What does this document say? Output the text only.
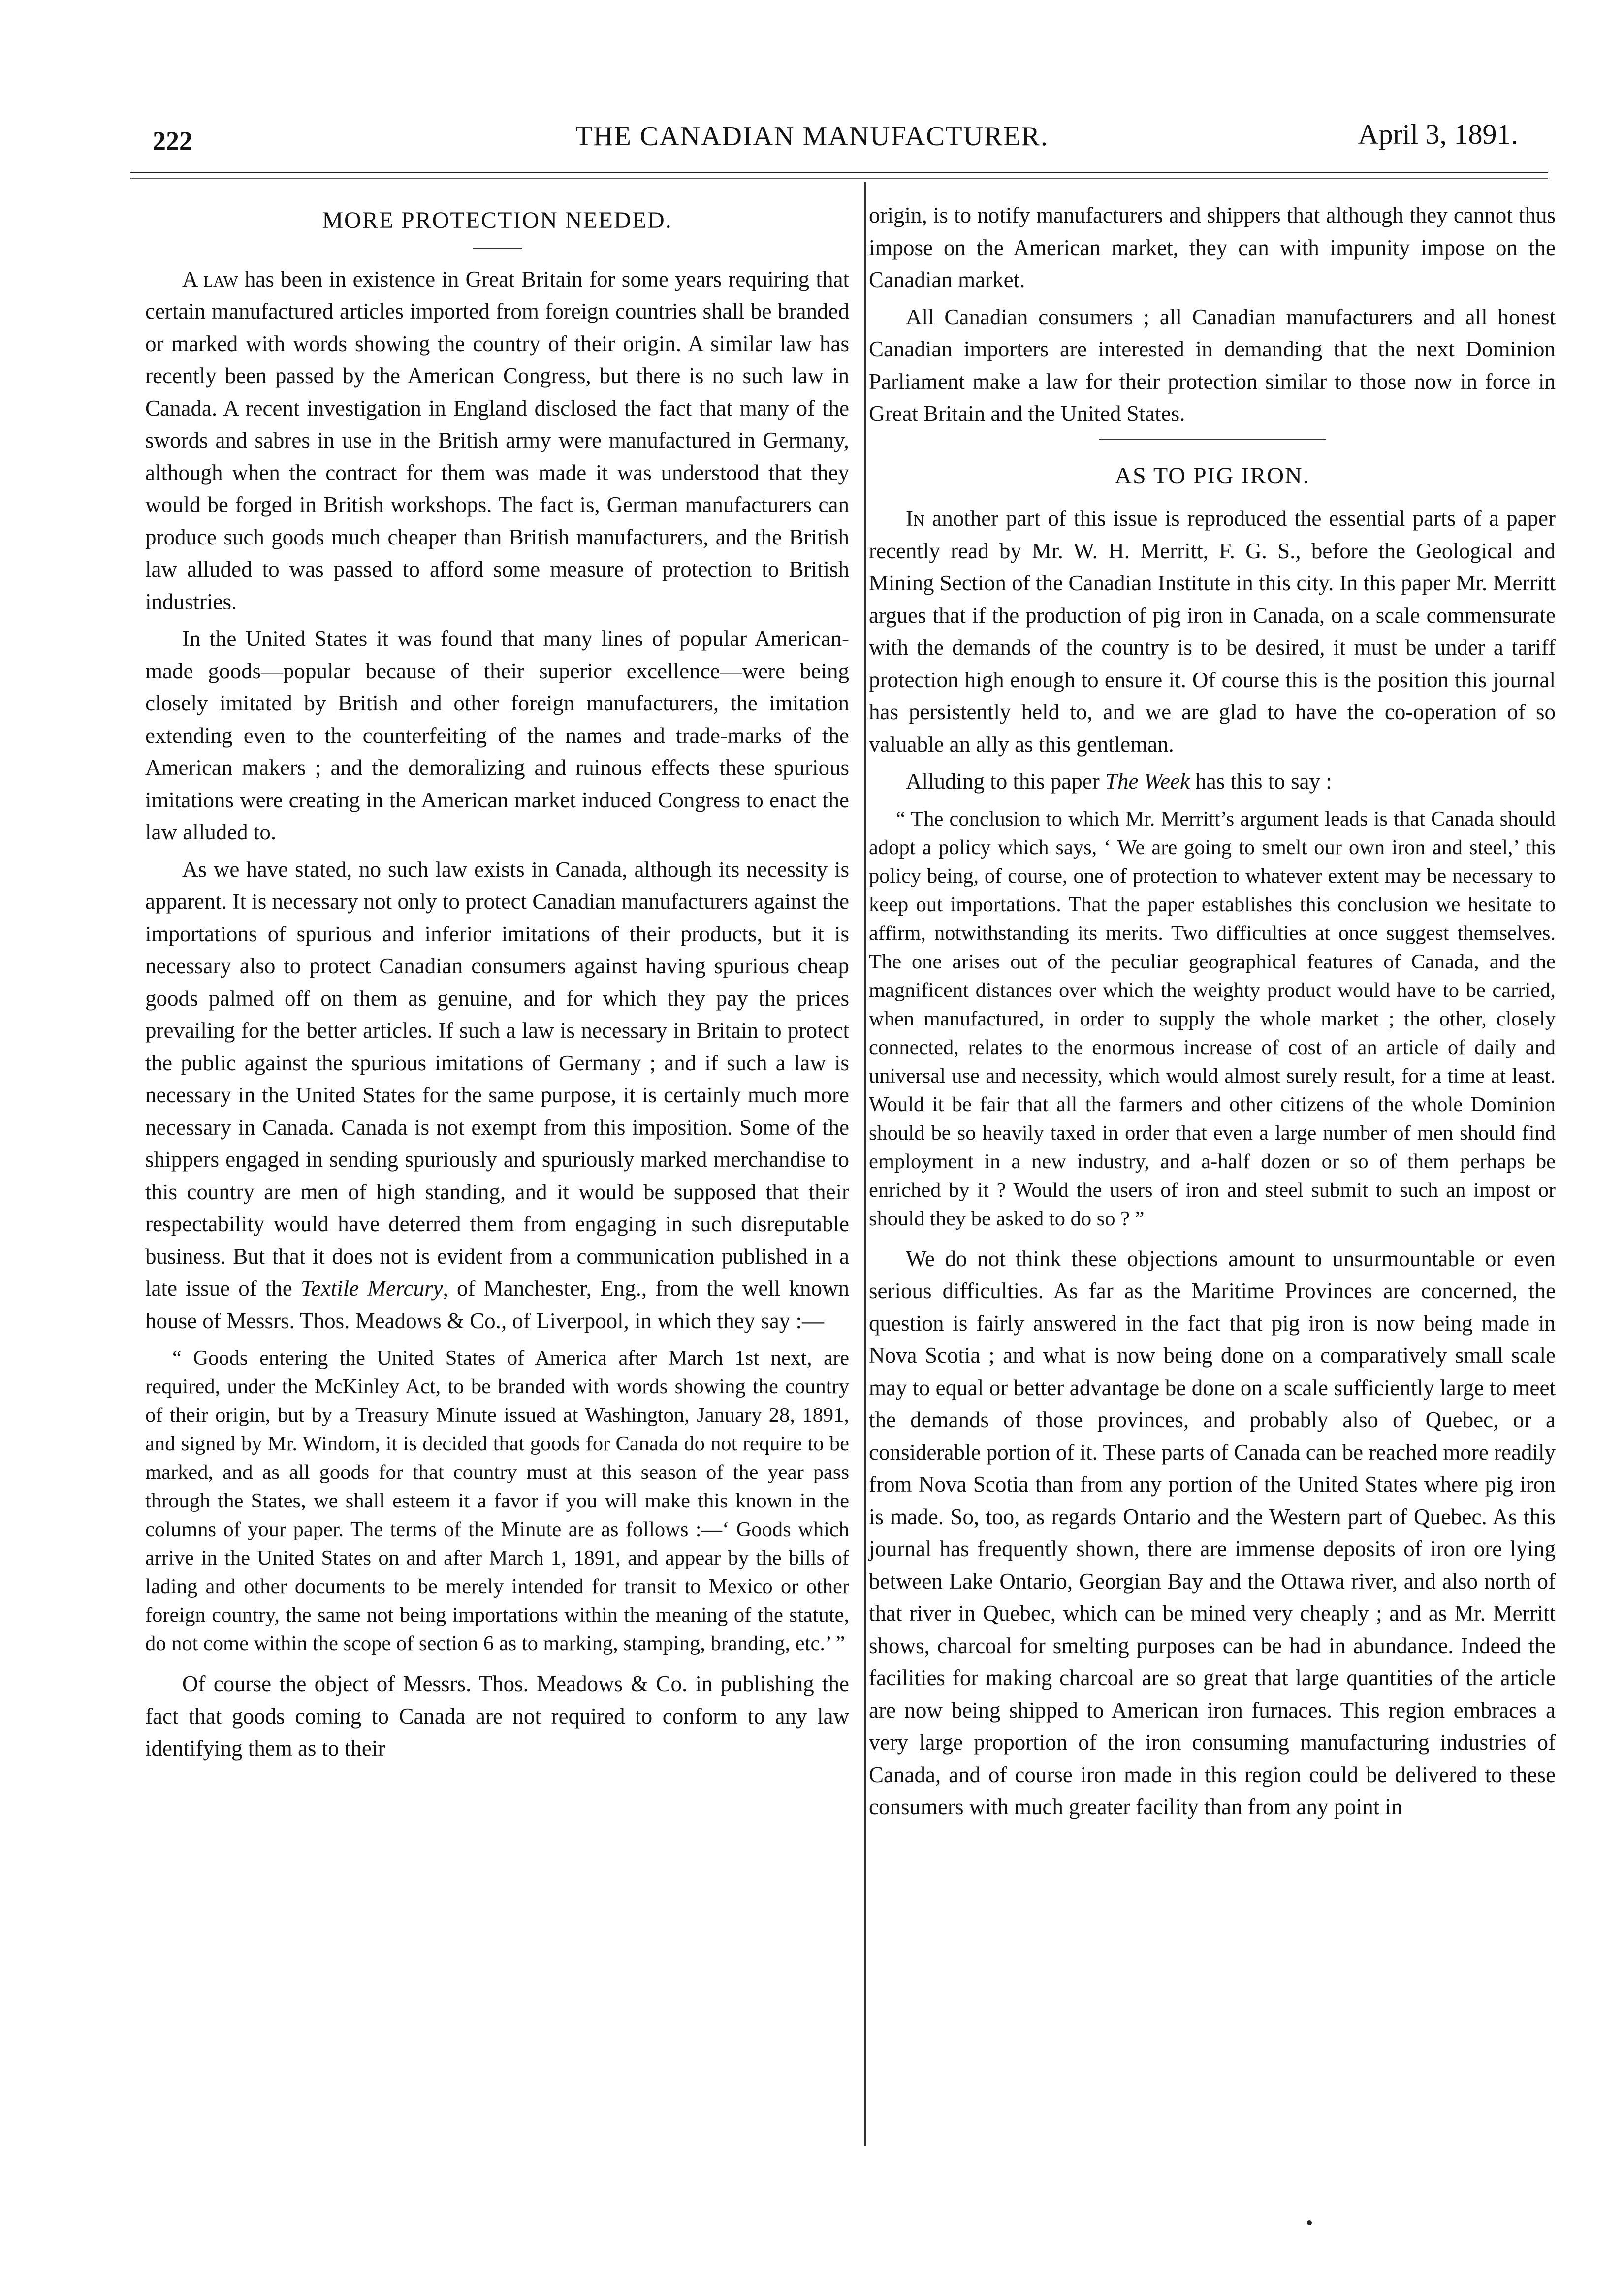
222	THE CANADIAN MANUFACTURER.	April 3, 1891.
MORE PROTECTION NEEDED.

A law has been in existence in Great Britain for some years requiring that certain manufactured articles imported from foreign countries shall be branded or marked with words showing the country of their origin. A similar law has recently been passed by the American Congress, but there is no such law in Canada. A recent investigation in England disclosed the fact that many of the swords and sabres in use in the British army were manufactured in Germany, although when the contract for them was made it was understood that they would be forged in British workshops. The fact is, German manufacturers can produce such goods much cheaper than British manufacturers, and the British law alluded to was passed to afford some measure of protection to British industries.

In the United States it was found that many lines of popular American-made goods—popular because of their superior excellence—were being closely imitated by British and other foreign manufacturers, the imitation extending even to the counterfeiting of the names and trade-marks of the American makers ; and the demoralizing and ruinous effects these spurious imitations were creating in the American market induced Congress to enact the law alluded to.

As we have stated, no such law exists in Canada, although its necessity is apparent. It is necessary not only to protect Canadian manufacturers against the importations of spurious and inferior imitations of their products, but it is necessary also to protect Canadian consumers against having spurious cheap goods palmed off on them as genuine, and for which they pay the prices prevailing for the better articles. If such a law is necessary in Britain to protect the public against the spurious imitations of Germany ; and if such a law is necessary in the United States for the same purpose, it is certainly much more necessary in Canada. Canada is not exempt from this imposition. Some of the shippers engaged in sending spuriously and spuriously marked merchandise to this country are men of high standing, and it would be supposed that their respectability would have deterred them from engaging in such disreputable business. But that it does not is evident from a communication published in a late issue of the Textile Mercury, of Manchester, Eng., from the well known house of Messrs. Thos. Meadows & Co., of Liverpool, in which they say :—

“ Goods entering the United States of America after March 1st next, are required, under the McKinley Act, to be branded with words showing the country of their origin, but by a Treasury Minute issued at Washington, January 28, 1891, and signed by Mr. Windom, it is decided that goods for Canada do not require to be marked, and as all goods for that country must at this season of the year pass through the States, we shall esteem it a favor if you will make this known in the columns of your paper. The terms of the Minute are as follows :—‘ Goods which arrive in the United States on and after March 1, 1891, and appear by the bills of lading and other documents to be merely intended for transit to Mexico or other foreign country, the same not being importations within the meaning of the statute, do not come within the scope of section 6 as to marking, stamping, branding, etc.’ ”

Of course the object of Messrs. Thos. Meadows & Co. in publishing the fact that goods coming to Canada are not required to conform to any law identifying them as to their

origin, is to notify manufacturers and shippers that although they cannot thus impose on the American market, they can with impunity impose on the Canadian market.

All Canadian consumers ; all Canadian manufacturers and all honest Canadian importers are interested in demanding that the next Dominion Parliament make a law for their protection similar to those now in force in Great Britain and the United States.

AS TO PIG IRON.

In another part of this issue is reproduced the essential parts of a paper recently read by Mr. W. H. Merritt, F. G. S., before the Geological and Mining Section of the Canadian Institute in this city. In this paper Mr. Merritt argues that if the production of pig iron in Canada, on a scale commensurate with the demands of the country is to be desired, it must be under a tariff protection high enough to ensure it. Of course this is the position this journal has persistently held to, and we are glad to have the co-operation of so valuable an ally as this gentleman.

Alluding to this paper The Week has this to say :

“ The conclusion to which Mr. Merritt’s argument leads is that Canada should adopt a policy which says, ‘ We are going to smelt our own iron and steel,’ this policy being, of course, one of protection to whatever extent may be necessary to keep out importations. That the paper establishes this conclusion we hesitate to affirm, notwithstanding its merits. Two difficulties at once suggest themselves. The one arises out of the peculiar geographical features of Canada, and the magnificent distances over which the weighty product would have to be carried, when manufactured, in order to supply the whole market ; the other, closely connected, relates to the enormous increase of cost of an article of daily and universal use and necessity, which would almost surely result, for a time at least. Would it be fair that all the farmers and other citizens of the whole Dominion should be so heavily taxed in order that even a large number of men should find employment in a new industry, and a-half dozen or so of them perhaps be enriched by it ? Would the users of iron and steel submit to such an impost or should they be asked to do so ? ”

We do not think these objections amount to unsurmountable or even serious difficulties. As far as the Maritime Provinces are concerned, the question is fairly answered in the fact that pig iron is now being made in Nova Scotia ; and what is now being done on a comparatively small scale may to equal or better advantage be done on a scale sufficiently large to meet the demands of those provinces, and probably also of Quebec, or a considerable portion of it. These parts of Canada can be reached more readily from Nova Scotia than from any portion of the United States where pig iron is made. So, too, as regards Ontario and the Western part of Quebec. As this journal has frequently shown, there are immense deposits of iron ore lying between Lake Ontario, Georgian Bay and the Ottawa river, and also north of that river in Quebec, which can be mined very cheaply ; and as Mr. Merritt shows, charcoal for smelting purposes can be had in abundance. Indeed the facilities for making charcoal are so great that large quantities of the article are now being shipped to American iron furnaces. This region embraces a very large proportion of the iron consuming manufacturing industries of Canada, and of course iron made in this region could be delivered to these consumers with much greater facility than from any point in
